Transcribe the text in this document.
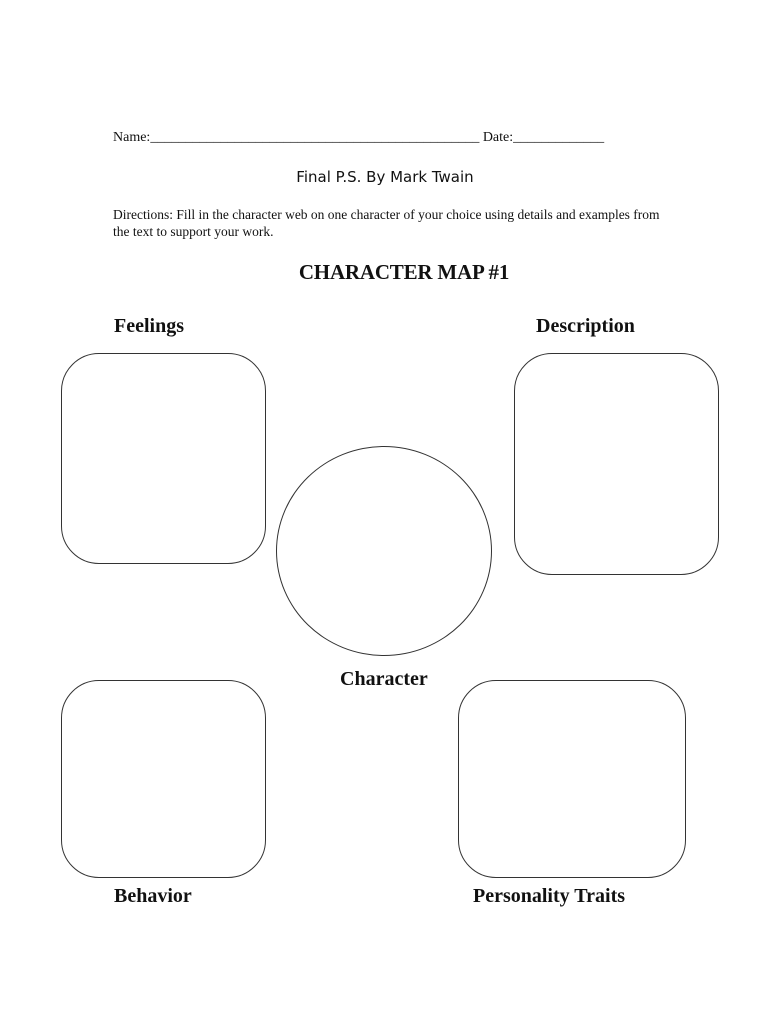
Name:_______________________________________________ Date:_____________
Final P.S. By Mark Twain
Directions: Fill in the character web on one character of your choice using details and examples from the text to support your work.
CHARACTER MAP #1
Feelings	Description
Character
Behavior	Personality Traits
